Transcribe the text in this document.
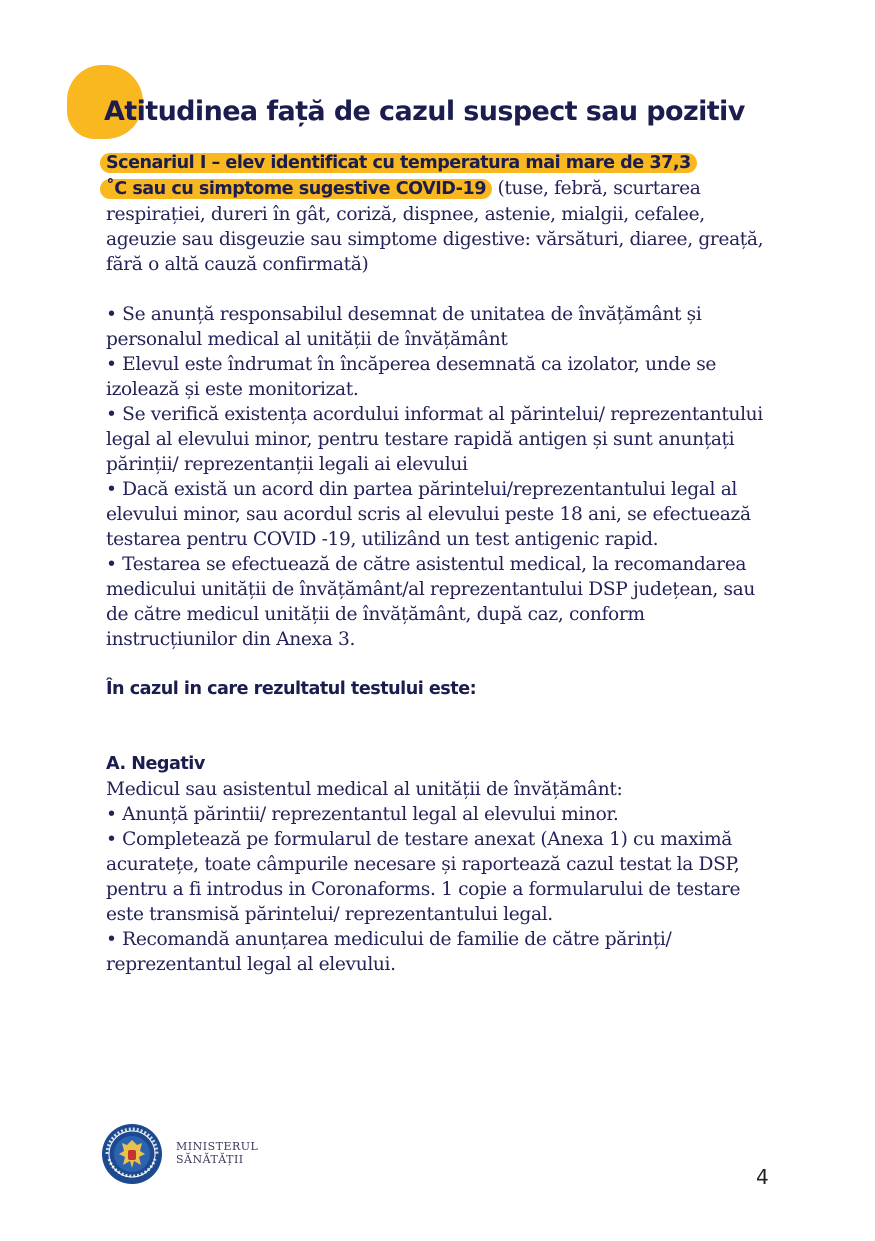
Atitudinea față de cazul suspect sau pozitiv

Scenariul I – elev identificat cu temperatura mai mare de 37,3
˚C sau cu simptome sugestive COVID-19 (tuse, febră, scurtarea respirației, dureri în gât, coriză, dispnee, astenie, mialgii, cefalee, ageuzie sau disgeuzie sau simptome digestive: vărsături, diaree, greață, fără o altă cauză confirmată)

• Se anunță responsabilul desemnat de unitatea de învățământ și personalul medical al unității de învățământ

• Elevul este îndrumat în încăperea desemnată ca izolator, unde se izolează și este monitorizat.

• Se verifică existența acordului informat al părintelui/ reprezentantului legal al elevului minor, pentru testare rapidă antigen și sunt anunțați părinții/ reprezentanții legali ai elevului

• Dacă există un acord din partea părintelui/reprezentantului legal al elevului minor, sau acordul scris al elevului peste 18 ani, se efectuează testarea pentru COVID -19, utilizând un test antigenic rapid.

• Testarea se efectuează de către asistentul medical, la recomandarea medicului unității de învățământ/al reprezentantului DSP județean, sau de către medicul unității de învățământ, după caz, conform instrucțiunilor din Anexa 3.

În cazul in care rezultatul testului este:

A. Negativ

Medicul sau asistentul medical al unității de învățământ:

• Anunță părintii/ reprezentantul legal al elevului minor.

• Completează pe formularul de testare anexat (Anexa 1) cu maximă acuratețe, toate câmpurile necesare și raportează cazul testat la DSP, pentru a fi introdus in Coronaforms. 1 copie a formularului de testare este transmisă părintelui/ reprezentantului legal.

• Recomandă anunțarea medicului de familie de către părinți/ reprezentantul legal al elevului.

MINISTERUL
SĂNĂTĂȚII
4
